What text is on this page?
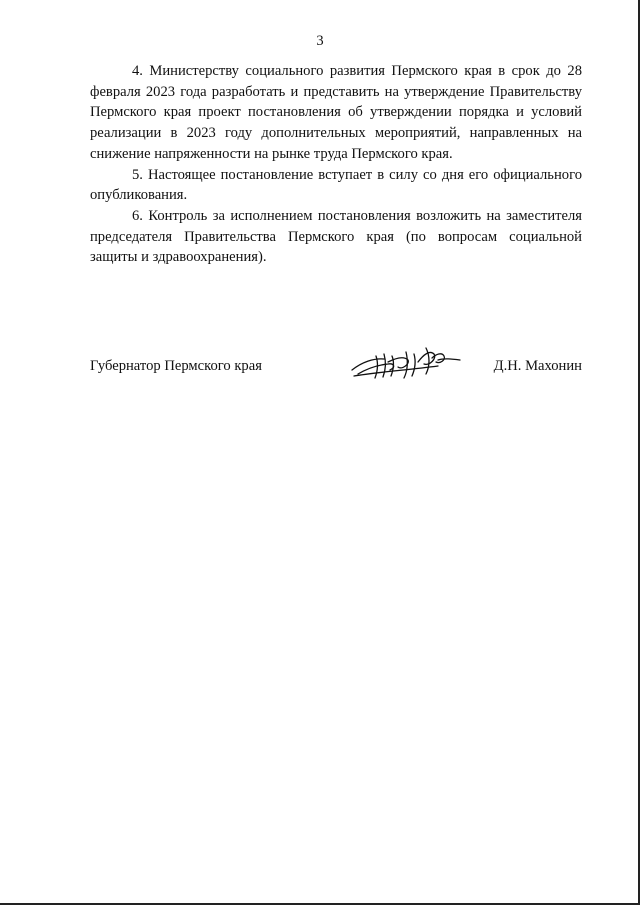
3

4. Министерству социального развития Пермского края в срок до 28 февраля 2023 года разработать и представить на утверждение Правительству Пермского края проект постановления об утверждении порядка и условий реализации в 2023 году дополнительных мероприятий, направленных на снижение напряженности на рынке труда Пермского края.

5. Настоящее постановление вступает в силу со дня его официального опубликования.

6. Контроль за исполнением постановления возложить на заместителя председателя Правительства Пермского края (по вопросам социальной защиты и здравоохранения).

Губернатор Пермского края	Д.Н. Махонин
